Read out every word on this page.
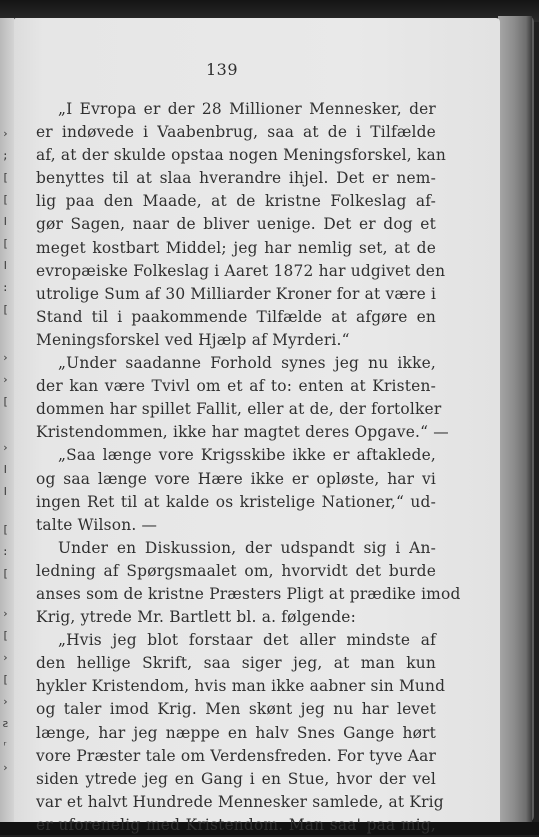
›
;
[
[
ǀ
[
ǀ
:
[
›
›
[
›
ǀ
ǀ
[
:
[
›
[
›
[
›
ƨ
ʳ
›
139
„I Evropa er der 28 Millioner Mennesker, der
er indøvede i Vaabenbrug, saa at de i Tilfælde
af, at der skulde opstaa nogen Meningsforskel, kan
benyttes til at slaa hverandre ihjel. Det er nem-
lig paa den Maade, at de kristne Folkeslag af-
gør Sagen, naar de bliver uenige. Det er dog et
meget kostbart Middel; jeg har nemlig set, at de
evropæiske Folkeslag i Aaret 1872 har udgivet den
utrolige Sum af 30 Milliarder Kroner for at være i
Stand til i paakommende Tilfælde at afgøre en
Meningsforskel ved Hjælp af Myrderi.“
„Under saadanne Forhold synes jeg nu ikke,
der kan være Tvivl om et af to: enten at Kristen-
dommen har spillet Fallit, eller at de, der fortolker
Kristendommen, ikke har magtet deres Opgave.“ —
„Saa længe vore Krigsskibe ikke er aftaklede,
og saa længe vore Hære ikke er opløste, har vi
ingen Ret til at kalde os kristelige Nationer,“ ud-
talte Wilson. —
Under en Diskussion, der udspandt sig i An-
ledning af Spørgsmaalet om, hvorvidt det burde
anses som de kristne Præsters Pligt at prædike imod
Krig, ytrede Mr. Bartlett bl. a. følgende:
„Hvis jeg blot forstaar det aller mindste af
den hellige Skrift, saa siger jeg, at man kun
hykler Kristendom, hvis man ikke aabner sin Mund
og taler imod Krig. Men skønt jeg nu har levet
længe, har jeg næppe en halv Snes Gange hørt
vore Præster tale om Verdensfreden. For tyve Aar
siden ytrede jeg en Gang i en Stue, hvor der vel
var et halvt Hundrede Mennesker samlede, at Krig
er uforenelig med Kristendom. Man saa' paa mig,
